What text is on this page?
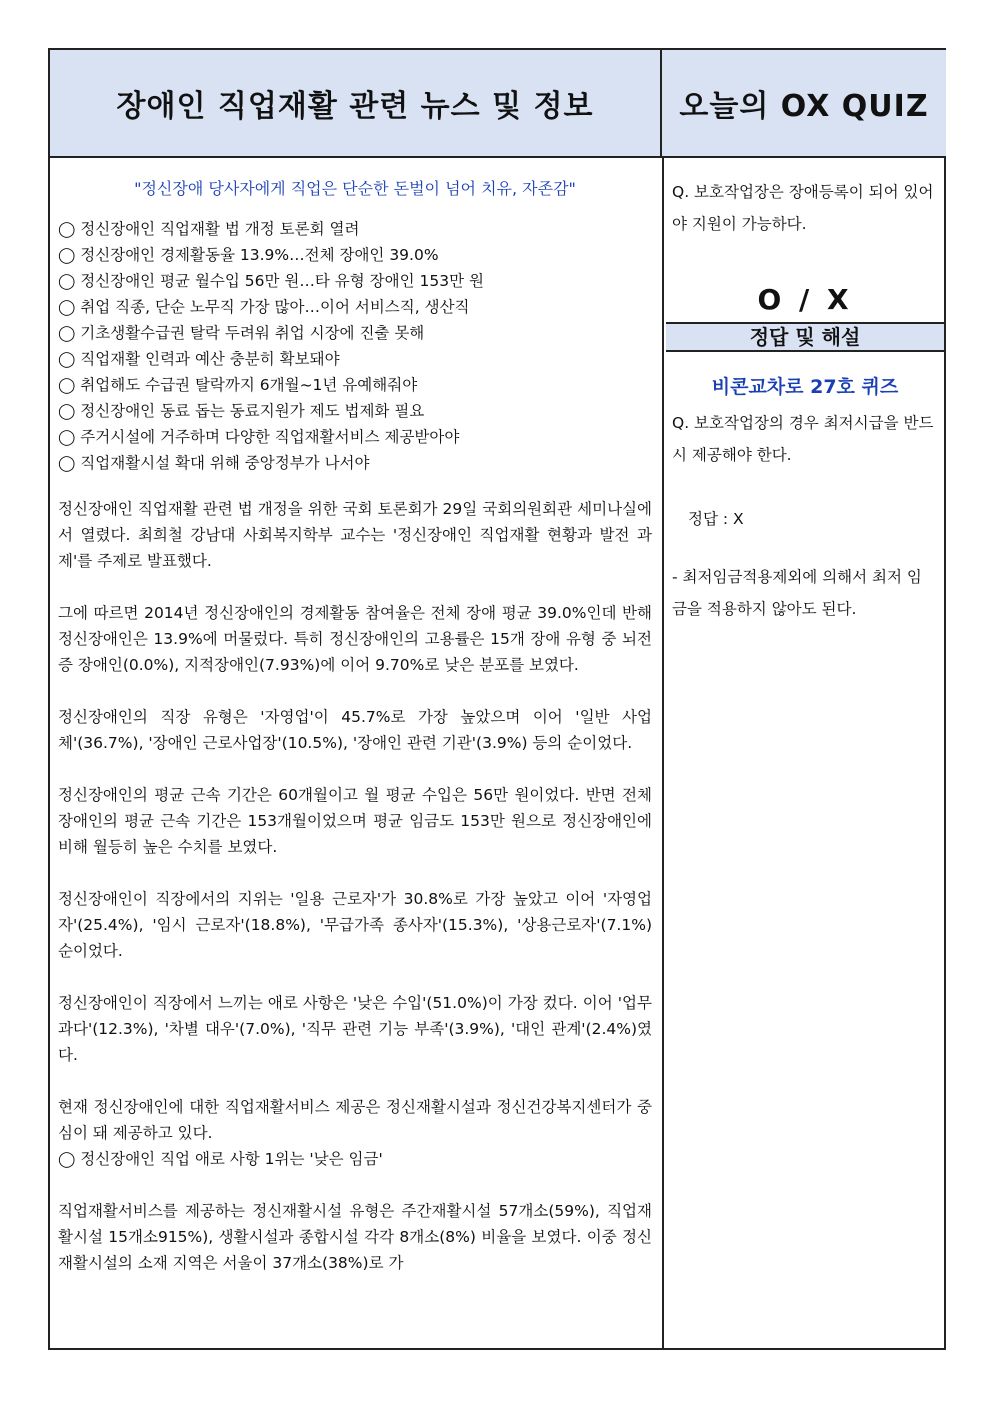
장애인 직업재활 관련 뉴스 및 정보	오늘의 OX QUIZ
"정신장애 당사자에게 직업은 단순한 돈벌이 넘어 치유, 자존감"
◯ 정신장애인 직업재활 법 개정 토론회 열려
◯ 정신장애인 경제활동율 13.9%…전체 장애인 39.0%
◯ 정신장애인 평균 월수입 56만 원…타 유형 장애인 153만 원
◯ 취업 직종, 단순 노무직 가장 많아…이어 서비스직, 생산직
◯ 기초생활수급권 탈락 두려워 취업 시장에 진출 못해
◯ 직업재활 인력과 예산 충분히 확보돼야
◯ 취업해도 수급권 탈락까지 6개월~1년 유예해줘야
◯ 정신장애인 동료 돕는 동료지원가 제도 법제화 필요
◯ 주거시설에 거주하며 다양한 직업재활서비스 제공받아야
◯ 직업재활시설 확대 위해 중앙정부가 나서야

정신장애인 직업재활 관련 법 개정을 위한 국회 토론회가 29일 국회의원회관 세미나실에서 열렸다. 최희철 강남대 사회복지학부 교수는 '정신장애인 직업재활 현황과 발전 과제'를 주제로 발표했다.

그에 따르면 2014년 정신장애인의 경제활동 참여율은 전체 장애 평균 39.0%인데 반해 정신장애인은 13.9%에 머물렀다. 특히 정신장애인의 고용률은 15개 장애 유형 중 뇌전증 장애인(0.0%), 지적장애인(7.93%)에 이어 9.70%로 낮은 분포를 보였다.

정신장애인의 직장 유형은 '자영업'이 45.7%로 가장 높았으며 이어 '일반 사업체'(36.7%), '장애인 근로사업장'(10.5%), '장애인 관련 기관'(3.9%) 등의 순이었다.

정신장애인의 평균 근속 기간은 60개월이고 월 평균 수입은 56만 원이었다. 반면 전체 장애인의 평균 근속 기간은 153개월이었으며 평균 임금도 153만 원으로 정신장애인에 비해 월등히 높은 수치를 보였다.

정신장애인이 직장에서의 지위는 '일용 근로자'가 30.8%로 가장 높았고 이어 '자영업자'(25.4%), '임시 근로자'(18.8%), '무급가족 종사자'(15.3%), '상용근로자'(7.1%) 순이었다.

정신장애인이 직장에서 느끼는 애로 사항은 '낮은 수입'(51.0%)이 가장 컸다. 이어 '업무 과다'(12.3%), '차별 대우'(7.0%), '직무 관련 기능 부족'(3.9%), '대인 관계'(2.4%)였다.

현재 정신장애인에 대한 직업재활서비스 제공은 정신재활시설과 정신건강복지센터가 중심이 돼 제공하고 있다.

◯ 정신장애인 직업 애로 사항 1위는 '낮은 임금'

직업재활서비스를 제공하는 정신재활시설 유형은 주간재활시설 57개소(59%), 직업재활시설 15개소915%), 생활시설과 종합시설 각각 8개소(8%) 비율을 보였다. 이중 정신재활시설의 소재 지역은 서울이 37개소(38%)로 가

Q. 보호작업장은 장애등록이 되어 있어야 지원이 가능하다.
O / X
정답 및 해설
비콘교차로 27호 퀴즈
Q. 보호작업장의 경우 최저시급을 반드시 제공해야 한다.
정답 : X
- 최저임금적용제외에 의해서 최저 임금을 적용하지 않아도 된다.
